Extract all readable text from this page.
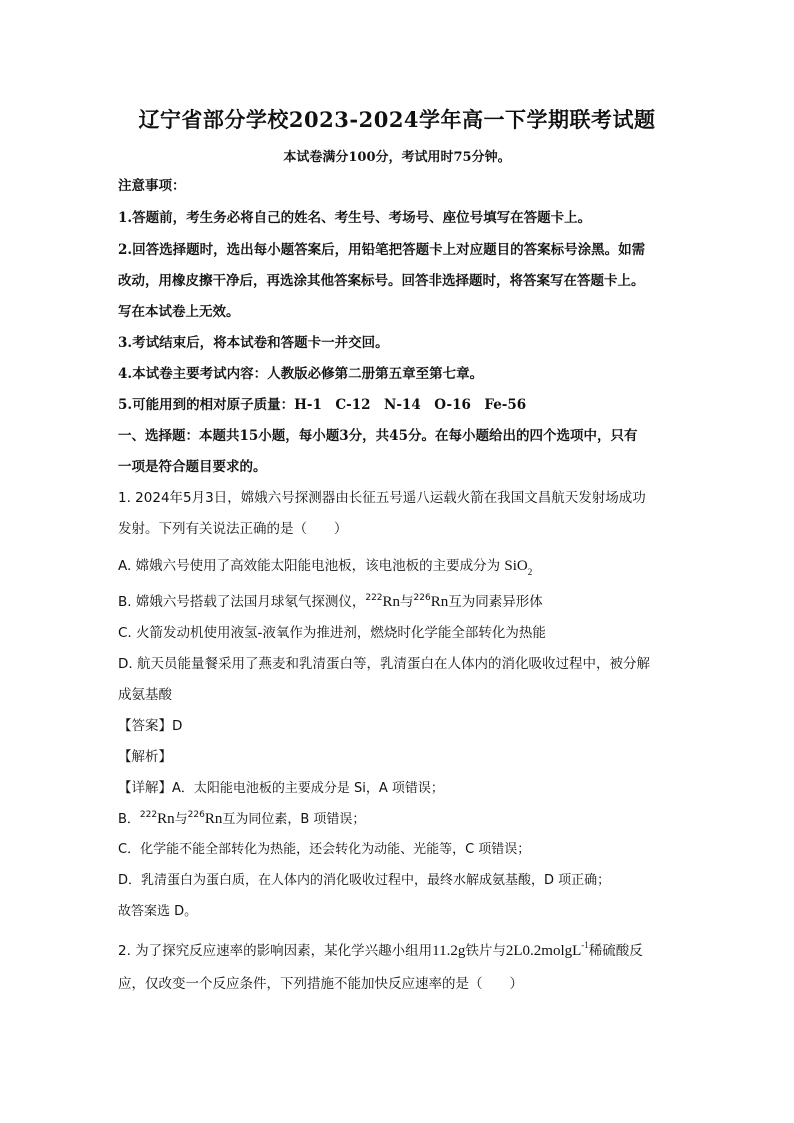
辽宁省部分学校2023-2024学年高一下学期联考试题
本试卷满分100分，考试用时75分钟。
注意事项：
1.答题前，考生务必将自己的姓名、考生号、考场号、座位号填写在答题卡上。
2.回答选择题时，选出每小题答案后，用铅笔把答题卡上对应题目的答案标号涂黑。如需
改动，用橡皮擦干净后，再选涂其他答案标号。回答非选择题时，将答案写在答题卡上。
写在本试卷上无效。
3.考试结束后，将本试卷和答题卡一并交回。
4.本试卷主要考试内容：人教版必修第二册第五章至第七章。
5.可能用到的相对原子质量：H-1　C-12　N-14　O-16　Fe-56
一、选择题：本题共15小题，每小题3分，共45分。在每小题给出的四个选项中，只有
一项是符合题目要求的。
1. 2024年5月3日，嫦娥六号探测器由长征五号遥八运载火箭在我国文昌航天发射场成功
发射。下列有关说法正确的是（　　）
A. 嫦娥六号使用了高效能太阳能电池板，该电池板的主要成分为 SiO$_2$
B. 嫦娥六号搭载了法国月球氡气探测仪，$^{222}$Rn与$^{226}$Rn互为同素异形体
C. 火箭发动机使用液氢-液氧作为推进剂，燃烧时化学能全部转化为热能
D. 航天员能量餐采用了燕麦和乳清蛋白等，乳清蛋白在人体内的消化吸收过程中，被分解
成氨基酸
【答案】D
【解析】
【详解】A．太阳能电池板的主要成分是 Si，A 项错误；
B．$^{222}$Rn与$^{226}$Rn互为同位素，B 项错误；
C．化学能不能全部转化为热能，还会转化为动能、光能等，C 项错误；
D．乳清蛋白为蛋白质，在人体内的消化吸收过程中，最终水解成氨基酸，D 项正确；
故答案选 D。
2. 为了探究反应速率的影响因素，某化学兴趣小组用11.2g铁片与2L0.2molgL$^{-1}$稀硫酸反
应，仅改变一个反应条件，下列措施不能加快反应速率的是（　　）
